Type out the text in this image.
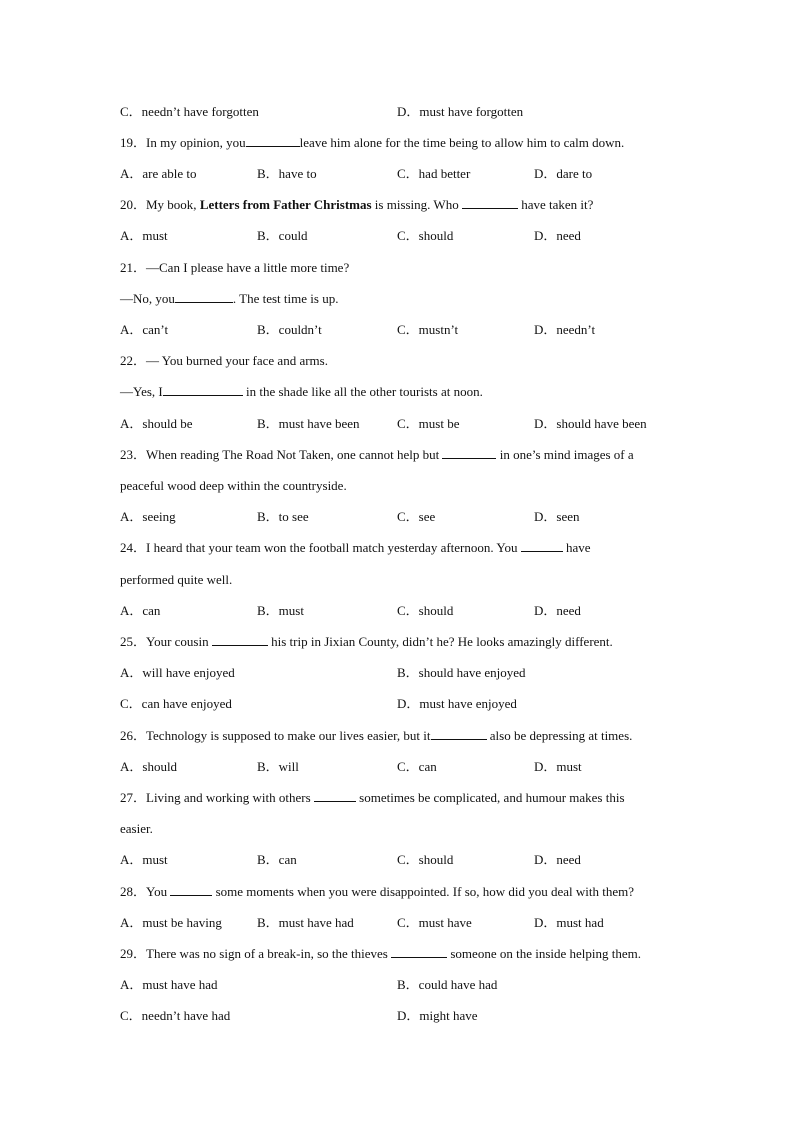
C．needn’t have forgotten	D．must have forgotten
19．In my opinion, you	leave him alone for the time being to allow him to calm down.
A．are able to	B．have to	C．had better	D．dare to
20．My book, Letters from Father Christmas is missing. Who	have taken it?
A．must	B．could	C．should	D．need
21．—Can I please have a little more time?
—No, you	. The test time is up.
A．can’t	B．couldn’t	C．mustn’t	D．needn’t
22．— You burned your face and arms.
—Yes, I	in the shade like all the other tourists at noon.
A．should be	B．must have been	C．must be	D．should have been
23．When reading The Road Not Taken, one cannot help but	in one’s mind images of a
peaceful wood deep within the countryside.
A．seeing	B．to see	C．see	D．seen
24．I heard that your team won the football match yesterday afternoon. You	have
performed quite well.
A．can	B．must	C．should	D．need
25．Your cousin	his trip in Jixian County, didn’t he? He looks amazingly different.
A．will have enjoyed	B．should have enjoyed
C．can have enjoyed	D．must have enjoyed
26．Technology is supposed to make our lives easier, but it	also be depressing at times.
A．should	B．will	C．can	D．must
27．Living and working with others	sometimes be complicated, and humour makes this
easier.
A．must	B．can	C．should	D．need
28．You	some moments when you were disappointed. If so, how did you deal with them?
A．must be having	B．must have had	C．must have	D．must had
29．There was no sign of a break-in, so the thieves	someone on the inside helping them.
A．must have had	B．could have had
C．needn’t have had	D．might have
